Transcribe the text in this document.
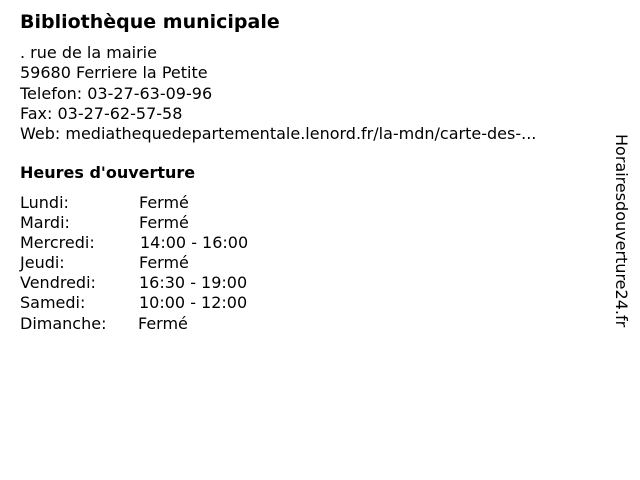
Bibliothèque municipale
. rue de la mairie
59680 Ferriere la Petite
Telefon: 03-27-63-09-96
Fax: 03-27-62-57-58
Web: mediathequedepartementale.lenord.fr/la-mdn/carte-des-...
Heures d'ouverture
Lundi:	Fermé
Mardi:	Fermé
Mercredi:	14:00 - 16:00
Jeudi:	Fermé
Vendredi:	16:30 - 19:00
Samedi:	10:00 - 12:00
Dimanche: Fermé	Horairesdouverture24.fr
